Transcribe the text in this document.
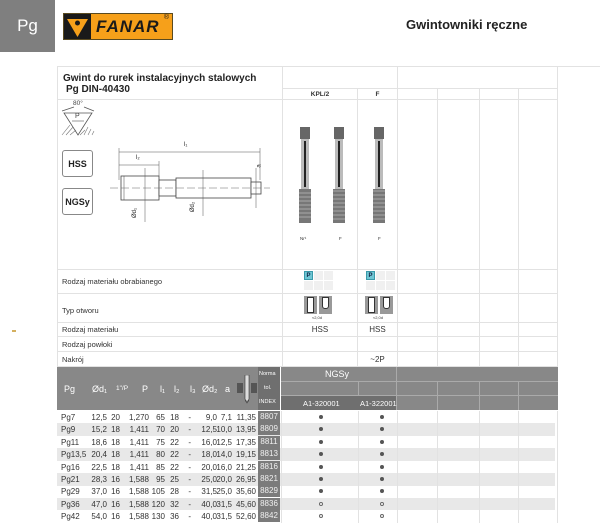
Pg	FANAR ®	Gwintowniki ręczne
Gwint do rurek instalacyjnych stalowych
Pg DIN-40430	KPL/2	F
80°
P
HSS
NGSy
l₁
l₂
Ød₁
Ød₂
a
Nr¹	F	F
Rodzaj materiału obrabianego
Typ otworu
Rodzaj materiału
Rodzaj powłoki
Nakrój
P	P
≈2,0d	≈2,0d
HSS	HSS
~2P
Pg Ød₁ 1"/P P l₁ l₂ l₃ Ød₂ a
Norma
tol.
INDEX
NGSy
A1-320001	A1-322001
Pg7 12,5 20 1,270 65 18 - 9,0 7,1 11,35 8807
Pg9 15,2 18 1,411 70 20 - 12,5 10,0 13,95 8809
Pg11 18,6 18 1,411 75 22 - 16,0 12,5 17,35 8811
Pg13,5 20,4 18 1,411 80 22 - 18,0 14,0 19,15 8813
Pg16 22,5 18 1,411 85 22 - 20,0 16,0 21,25 8816
Pg21 28,3 16 1,588 95 25 - 25,0 20,0 26,95 8821
Pg29 37,0 16 1,588 105 28 - 31,5 25,0 35,60 8829
Pg36 47,0 16 1,588 120 32 - 40,0 31,5 45,60 8836
Pg42 54,0 16 1,588 130 36 - 40,0 31,5 52,60 8842
